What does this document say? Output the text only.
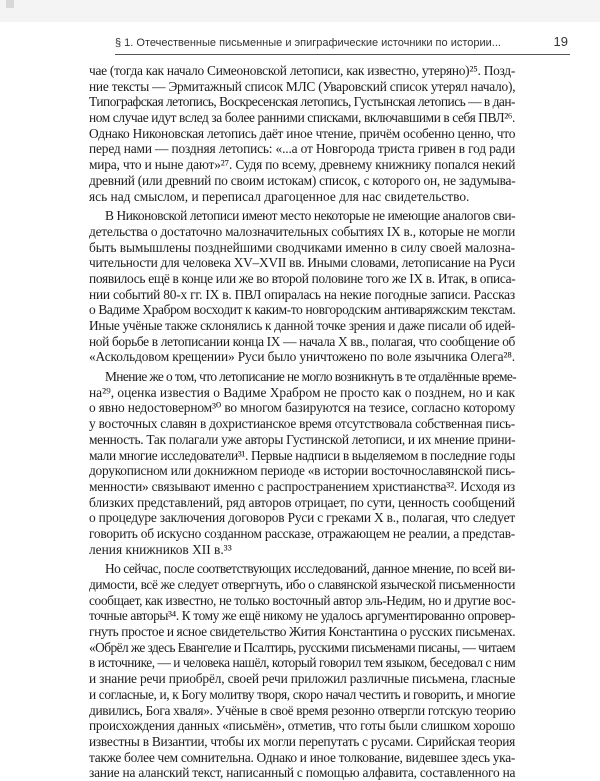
§ 1. Отечественные письменные и эпиграфические источники по истории...	19
чае (тогда как начало Симеоновской летописи, как известно, утеряно)²⁵. Позд-
ние тексты — Эрмитажный список МЛС (Уваровский список утерял начало),
Типографская летопись, Воскресенская летопись, Густынская летопись — в дан-
ном случае идут вслед за более ранними списками, включавшими в себя ПВЛ²⁶.
Однако Никоновская летопись даёт иное чтение, причём особенно ценно, что
перед нами — поздняя летопись: «...а от Новгорода триста гривен в год ради
мира, что и ныне дают»²⁷. Судя по всему, древнему книжнику попался некий
древний (или древний по своим истокам) список, с которого он, не задумыва-
ясь над смыслом, и переписал драгоценное для нас свидетельство.
В Никоновской летописи имеют место некоторые не имеющие аналогов сви-
детельства о достаточно малозначительных событиях IX в., которые не могли
быть вымышлены позднейшими сводчиками именно в силу своей малозна-
чительности для человека XV–XVII вв. Иными словами, летописание на Руси
появилось ещё в конце или же во второй половине того же IX в. Итак, в описа-
нии событий 80-х гг. IX в. ПВЛ опиралась на некие погодные записи. Рассказ
о Вадиме Храбром восходит к каким-то новгородским антиваряжским текстам.
Иные учёные также склонялись к данной точке зрения и даже писали об идей-
ной борьбе в летописании конца IX — начала X вв., полагая, что сообщение об
«Аскольдовом крещении» Руси было уничтожено по воле язычника Олега²⁸.
Мнение же о том, что летописание не могло возникнуть в те отдалённые време-
на²⁹, оценка известия о Вадиме Храбром не просто как о позднем, но и как
о явно недостоверном³⁰ во многом базируются на тезисе, согласно которому
у восточных славян в дохристианское время отсутствовала собственная пись-
менность. Так полагали уже авторы Густинской летописи, и их мнение прини-
мали многие исследователи³¹. Первые надписи в выделяемом в последние годы
дорукописном или докнижном периоде «в истории восточнославянской пись-
менности» связывают именно с распространением христианства³². Исходя из
близких представлений, ряд авторов отрицает, по сути, ценность сообщений
о процедуре заключения договоров Руси с греками X в., полагая, что следует
говорить об искусно созданном рассказе, отражающем не реалии, а представ-
ления книжников XII в.³³
Но сейчас, после соответствующих исследований, данное мнение, по всей ви-
димости, всё же следует отвергнуть, ибо о славянской языческой письменности
сообщает, как известно, не только восточный автор эль-Недим, но и другие вос-
точные авторы³⁴. К тому же ещё никому не удалось аргументированно опровер-
гнуть простое и ясное свидетельство Жития Константина о русских письменах.
«Обрёл же здесь Евангелие и Псалтирь, русскими письменами писаны, — читаем
в источнике, — и человека нашёл, который говорил тем языком, беседовал с ним
и знание речи приобрёл, своей речи приложил различные письмена, гласные
и согласные, и, к Богу молитву творя, скоро начал честить и говорить, и многие
дивились, Бога хваля». Учёные в своё время резонно отвергли готскую теорию
происхождения данных «письмён», отметив, что готы были слишком хорошо
известны в Византии, чтобы их могли перепутать с русами. Сирийская теория
также более чем сомнительна. Однако и иное толкование, видевшее здесь ука-
зание на аланский текст, написанный с помощью алфавита, составленного на
